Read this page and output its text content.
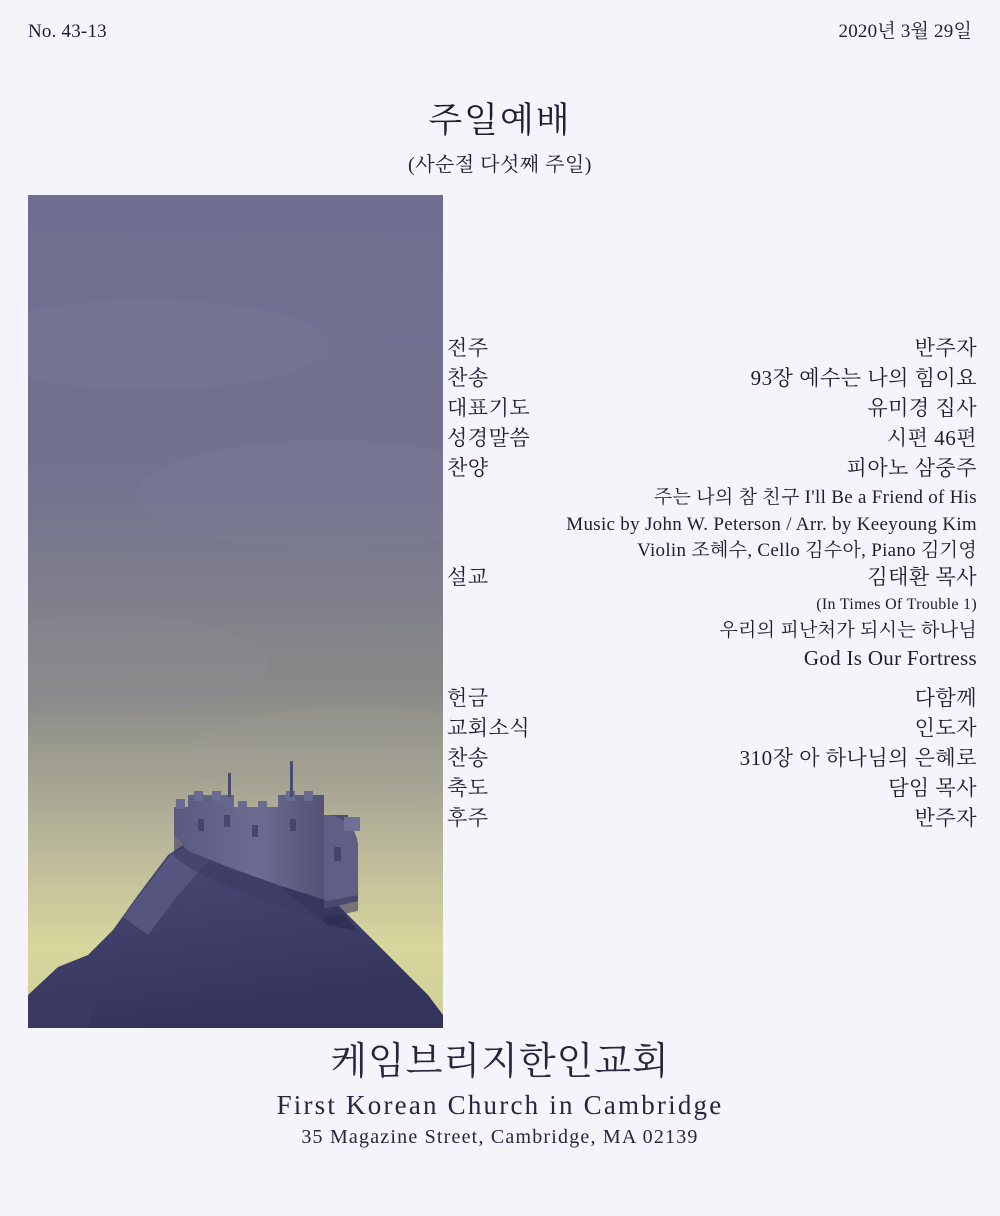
No. 43-13	2020년 3월 29일
주일예배
(사순절 다섯째 주일)
전주	반주자
찬송	93장 예수는 나의 힘이요
대표기도	유미경 집사
성경말씀	시편 46편
찬양	피아노 삼중주
주는 나의 참 친구 I'll Be a Friend of His
Music by John W. Peterson / Arr. by Keeyoung Kim
Violin 조혜수, Cello 김수아, Piano 김기영
설교	김태환 목사
(In Times Of Trouble 1)
우리의 피난처가 되시는 하나님
God Is Our Fortress
헌금	다함께
교회소식	인도자
찬송	310장 아 하나님의 은혜로
축도	담임 목사
후주	반주자
케임브리지한인교회
First Korean Church in Cambridge
35 Magazine Street, Cambridge, MA 02139
